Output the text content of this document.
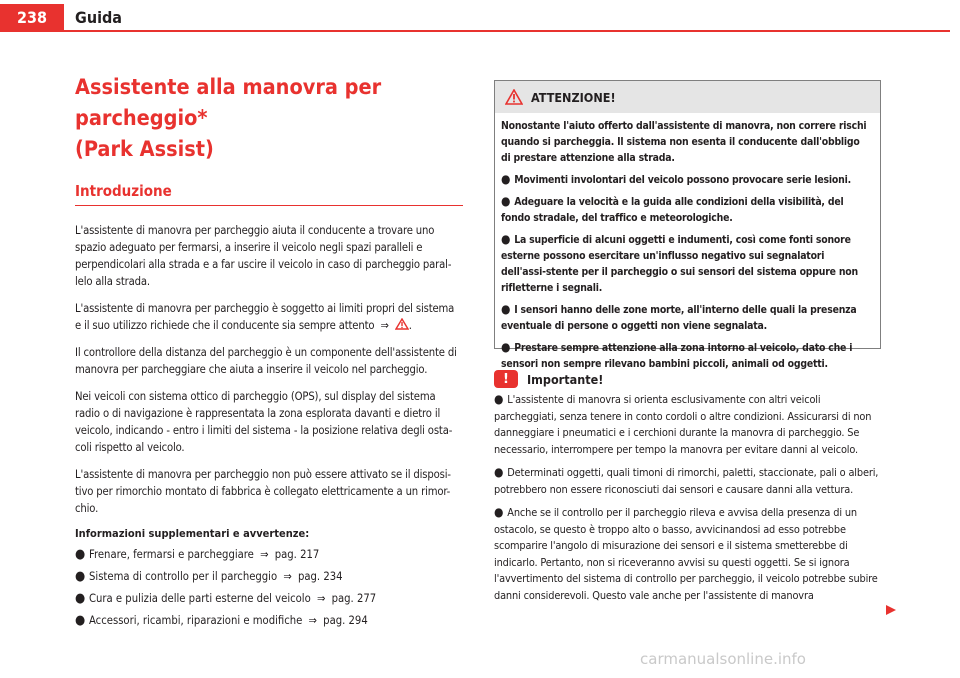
238	Guida
Assistente alla manovra per parcheggio*
(Park Assist)
Introduzione

L'assistente di manovra per parcheggio aiuta il conducente a trovare uno spazio adeguato per fermarsi, a inserire il veicolo negli spazi paralleli e perpendicolari alla strada e a far uscire il veicolo in caso di parcheggio paral-lelo alla strada.

L'assistente di manovra per parcheggio è soggetto ai limiti propri del sistema e il suo utilizzo richiede che il conducente sia sempre attento ⇒ .

Il controllore della distanza del parcheggio è un componente dell'assistente di manovra per parcheggiare che aiuta a inserire il veicolo nel parcheggio.

Nei veicoli con sistema ottico di parcheggio (OPS), sul display del sistema radio o di navigazione è rappresentata la zona esplorata davanti e dietro il veicolo, indicando - entro i limiti del sistema - la posizione relativa degli osta-coli rispetto al veicolo.

L'assistente di manovra per parcheggio non può essere attivato se il disposi-tivo per rimorchio montato di fabbrica è collegato elettricamente a un rimor-chio.

Informazioni supplementari e avvertenze:

● Frenare, fermarsi e parcheggiare ⇒ pag. 217
● Sistema di controllo per il parcheggio ⇒ pag. 234
● Cura e pulizia delle parti esterne del veicolo ⇒ pag. 277
● Accessori, ricambi, riparazioni e modifiche ⇒ pag. 294
ATTENZIONE!

Nonostante l'aiuto offerto dall'assistente di manovra, non correre rischi quando si parcheggia. Il sistema non esenta il conducente dall'obbligo di prestare attenzione alla strada.

● Movimenti involontari del veicolo possono provocare serie lesioni.
● Adeguare la velocità e la guida alle condizioni della visibilità, del fondo stradale, del traffico e meteorologiche.
● La superficie di alcuni oggetti e indumenti, così come fonti sonore esterne possono esercitare un'influsso negativo sui segnalatori dell'assi-stente per il parcheggio o sui sensori del sistema oppure non rifletterne i segnali.
● I sensori hanno delle zone morte, all'interno delle quali la presenza eventuale di persone o oggetti non viene segnalata.
● Prestare sempre attenzione alla zona intorno al veicolo, dato che i sensori non sempre rilevano bambini piccoli, animali od oggetti.
!	Importante!

● L'assistente di manovra si orienta esclusivamente con altri veicoli parcheggiati, senza tenere in conto cordoli o altre condizioni. Assicurarsi di non danneggiare i pneumatici e i cerchioni durante la manovra di parcheggio. Se necessario, interrompere per tempo la manovra per evitare danni al veicolo.

● Determinati oggetti, quali timoni di rimorchi, paletti, staccionate, pali o alberi, potrebbero non essere riconosciuti dai sensori e causare danni alla vettura.

● Anche se il controllo per il parcheggio rileva e avvisa della presenza di un ostacolo, se questo è troppo alto o basso, avvicinandosi ad esso potrebbe scomparire l'angolo di misurazione dei sensori e il sistema smetterebbe di indicarlo. Pertanto, non si riceveranno avvisi su questi oggetti. Se si ignora l'avvertimento del sistema di controllo per parcheggio, il veicolo potrebbe subire danni considerevoli. Questo vale anche per l'assistente di manovra

carmanualsonline.info
